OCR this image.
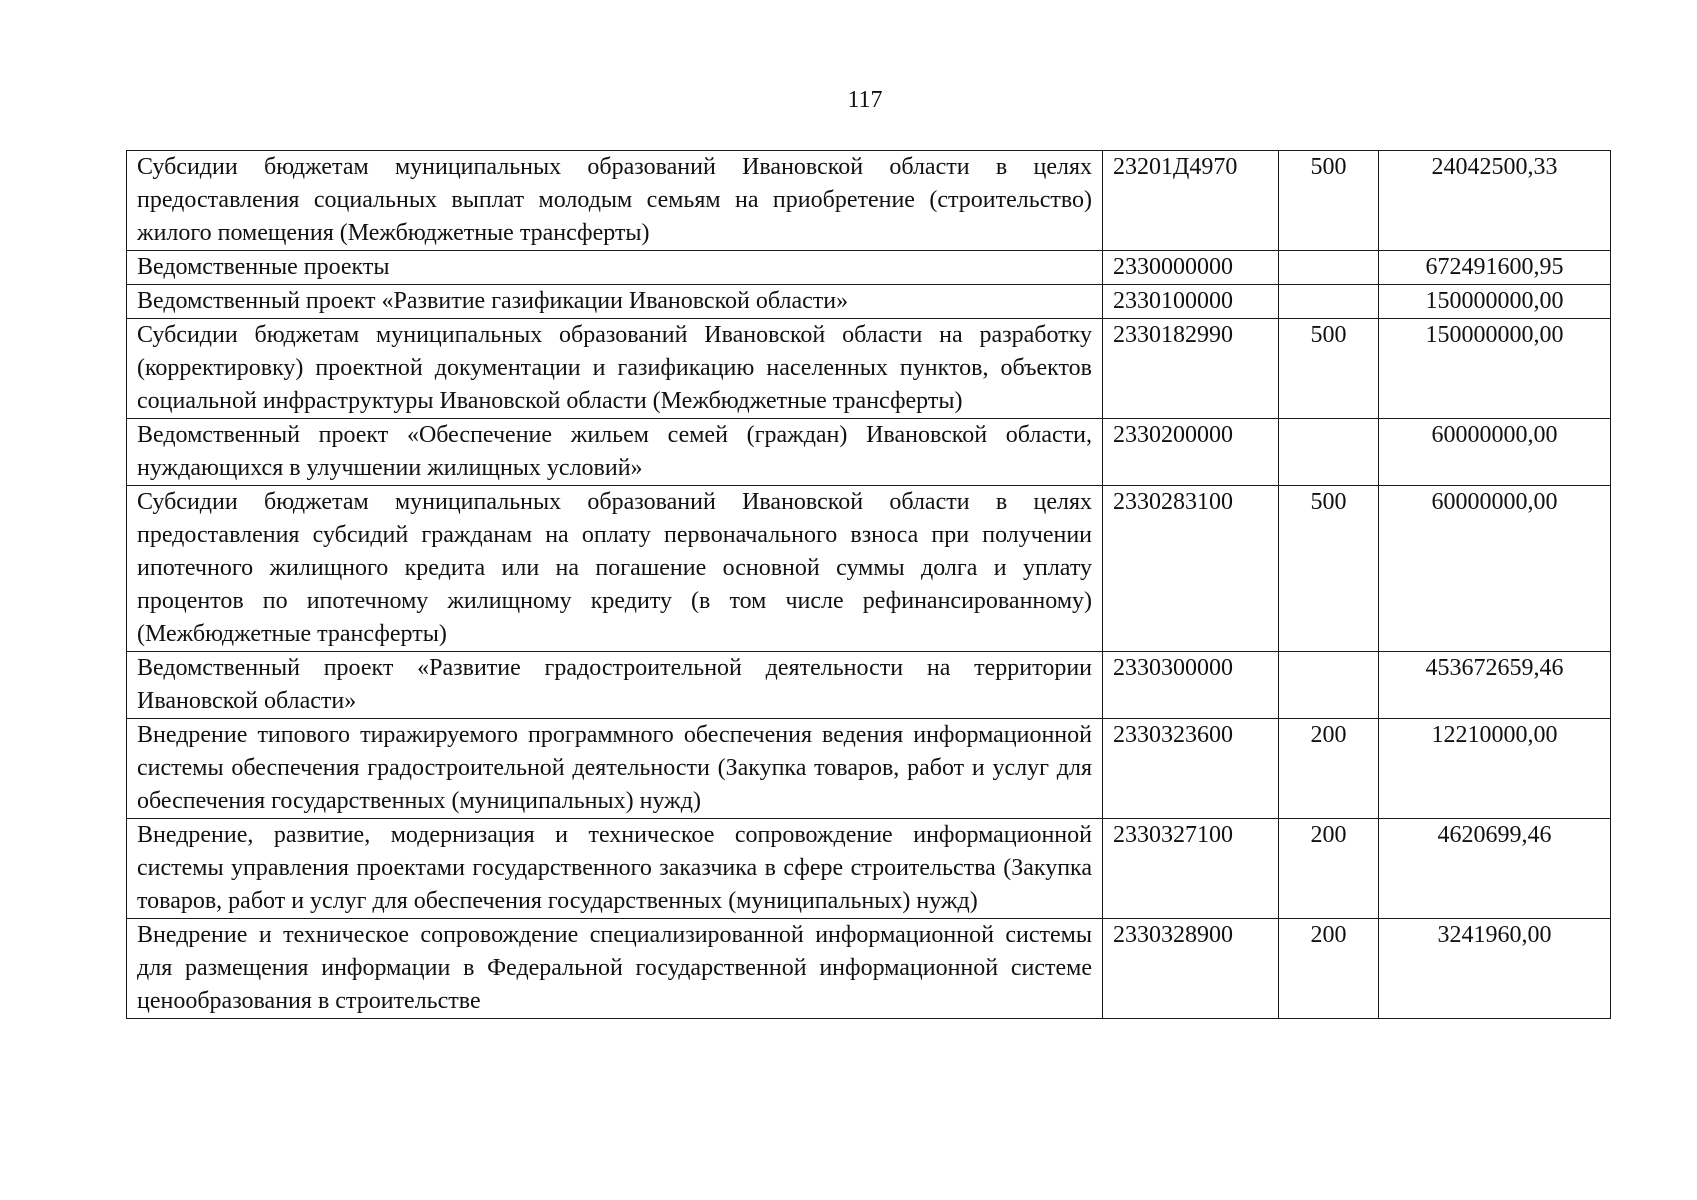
117
Субсидии бюджетам муниципальных образований Ивановской области в целях предоставления социальных выплат молодым семьям на приобретение (строительство) жилого помещения (Межбюджетные трансферты)	23201Д4970	500	24042500,33
Ведомственные проекты	2330000000		672491600,95
Ведомственный проект «Развитие газификации Ивановской области»	2330100000		150000000,00
Субсидии бюджетам муниципальных образований Ивановской области на разработку (корректировку) проектной документации и газификацию населенных пунктов, объектов социальной инфраструктуры Ивановской области (Межбюджетные трансферты)	2330182990	500	150000000,00
Ведомственный проект «Обеспечение жильем семей (граждан) Ивановской области, нуждающихся в улучшении жилищных условий»	2330200000		60000000,00
Субсидии бюджетам муниципальных образований Ивановской области в целях предоставления субсидий гражданам на оплату первоначального взноса при получении ипотечного жилищного кредита или на погашение основной суммы долга и уплату процентов по ипотечному жилищному кредиту (в том числе рефинансированному) (Межбюджетные трансферты)	2330283100	500	60000000,00
Ведомственный проект «Развитие градостроительной деятельности на территории Ивановской области»	2330300000		453672659,46
Внедрение типового тиражируемого программного обеспечения ведения информационной системы обеспечения градостроительной деятельности (Закупка товаров, работ и услуг для обеспечения государственных (муниципальных) нужд)	2330323600	200	12210000,00
Внедрение, развитие, модернизация и техническое сопровождение информационной системы управления проектами государственного заказчика в сфере строительства (Закупка товаров, работ и услуг для обеспечения государственных (муниципальных) нужд)	2330327100	200	4620699,46
Внедрение и техническое сопровождение специализированной информационной системы для размещения информации в Федеральной государственной информационной системе ценообразования в строительстве	2330328900	200	3241960,00
